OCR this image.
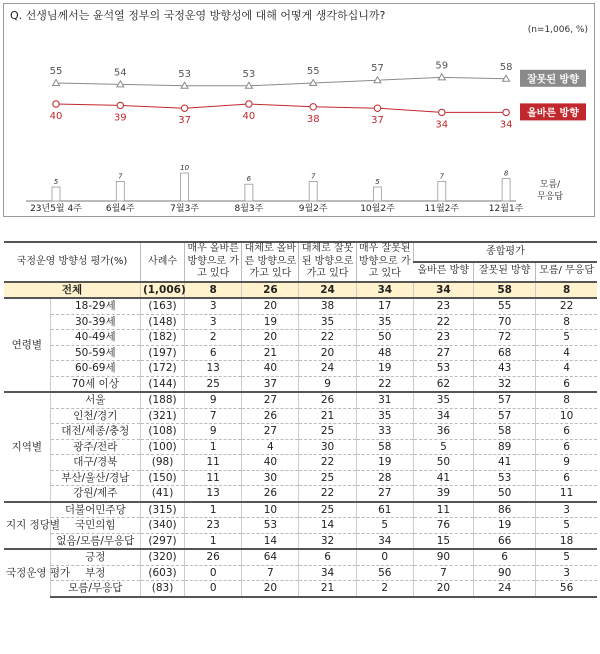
Q. 선생님께서는 윤석열 정부의 국정운영 방향성에 대해 어떻게 생각하십니까?
(n=1,006, %)
23년5월 4주	6월4주	7월3주	8월3주	9월2주	10월2주	11월2주	12월1주
55	54	53	53	55	57	59	58
40	39	37	40	38	37	34	34
5
7
10
6	7
5
7	8
잘못된 방향
올바른 방향
모름/
무응답
국정운영 방향성 평가(%)		사례수	매우 올바른 방향으로 가고 있다	대체로 올바른 방향으로 가고 있다	대체로 잘못된 방향으로 가고 있다	매우 잘못된 방향으로 가고 있다	종합평가		
							올바른 방향	잘못된 방향	모름/ 무응답
전체		(1,006)	8	26	24	34	34	58	8
연령별	18-29세	(163)	3	20	38	17	23	55	22
	30-39세	(148)	3	19	35	35	22	70	8
	40-49세	(182)	2	20	22	50	23	72	5
	50-59세	(197)	6	21	20	48	27	68	4
	60-69세	(172)	13	40	24	19	53	43	4
	70세 이상	(144)	25	37	9	22	62	32	6
지역별	서울	(188)	9	27	26	31	35	57	8
	인천/경기	(321)	7	26	21	35	34	57	10
	대전/세종/충청	(108)	9	27	25	33	36	58	6
	광주/전라	(100)	1	4	30	58	5	89	6
	대구/경북	(98)	11	40	22	19	50	41	9
	부산/울산/경남	(150)	11	30	25	28	41	53	6
	강원/제주	(41)	13	26	22	27	39	50	11
지지 정당별	더불어민주당	(315)	1	10	25	61	11	86	3
	국민의힘	(340)	23	53	14	5	76	19	5
	없음/모름/무응답	(297)	1	14	32	34	15	66	18
국정운영 평가	긍정	(320)	26	64	6	0	90	6	5
	부정	(603)	0	7	34	56	7	90	3
	모름/무응답	(83)	0	20	21	2	20	24	56
